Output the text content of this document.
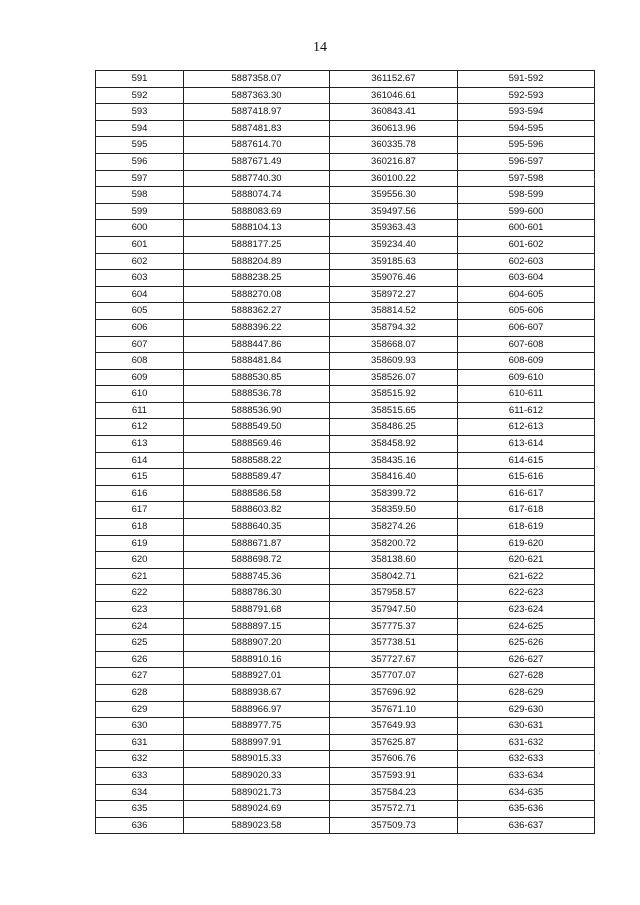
14
591	5887358.07	361152.67	591-592
592	5887363.30	361046.61	592-593
593	5887418.97	360843.41	593-594
594	5887481.83	360613.96	594-595
595	5887614.70	360335.78	595-596
596	5887671.49	360216.87	596-597
597	5887740.30	360100.22	597-598
598	5888074.74	359556.30	598-599
599	5888083.69	359497.56	599-600
600	5888104.13	359363.43	600-601
601	5888177.25	359234.40	601-602
602	5888204.89	359185.63	602-603
603	5888238.25	359076.46	603-604
604	5888270.08	358972.27	604-605
605	5888362.27	358814.52	605-606
606	5888396.22	358794.32	606-607
607	5888447.86	358668.07	607-608
608	5888481.84	358609.93	608-609
609	5888530.85	358526.07	609-610
610	5888536.78	358515.92	610-611
611	5888536.90	358515.65	611-612
612	5888549.50	358486.25	612-613
613	5888569.46	358458.92	613-614
614	5888588.22	358435.16	614-615
615	5888589.47	358416.40	615-616
616	5888586.58	358399.72	616-617
617	5888603.82	358359.50	617-618
618	5888640.35	358274.26	618-619
619	5888671.87	358200.72	619-620
620	5888698.72	358138.60	620-621
621	5888745.36	358042.71	621-622
622	5888786.30	357958.57	622-623
623	5888791.68	357947.50	623-624
624	5888897.15	357775.37	624-625
625	5888907.20	357738.51	625-626
626	5888910.16	357727.67	626-627
627	5888927.01	357707.07	627-628
628	5888938.67	357696.92	628-629
629	5888966.97	357671.10	629-630
630	5888977.75	357649.93	630-631
631	5888997.91	357625.87	631-632
632	5889015.33	357606.76	632-633
633	5889020.33	357593.91	633-634
634	5889021.73	357584.23	634-635
635	5889024.69	357572.71	635-636
636	5889023.58	357509.73	636-637
`
-
`
